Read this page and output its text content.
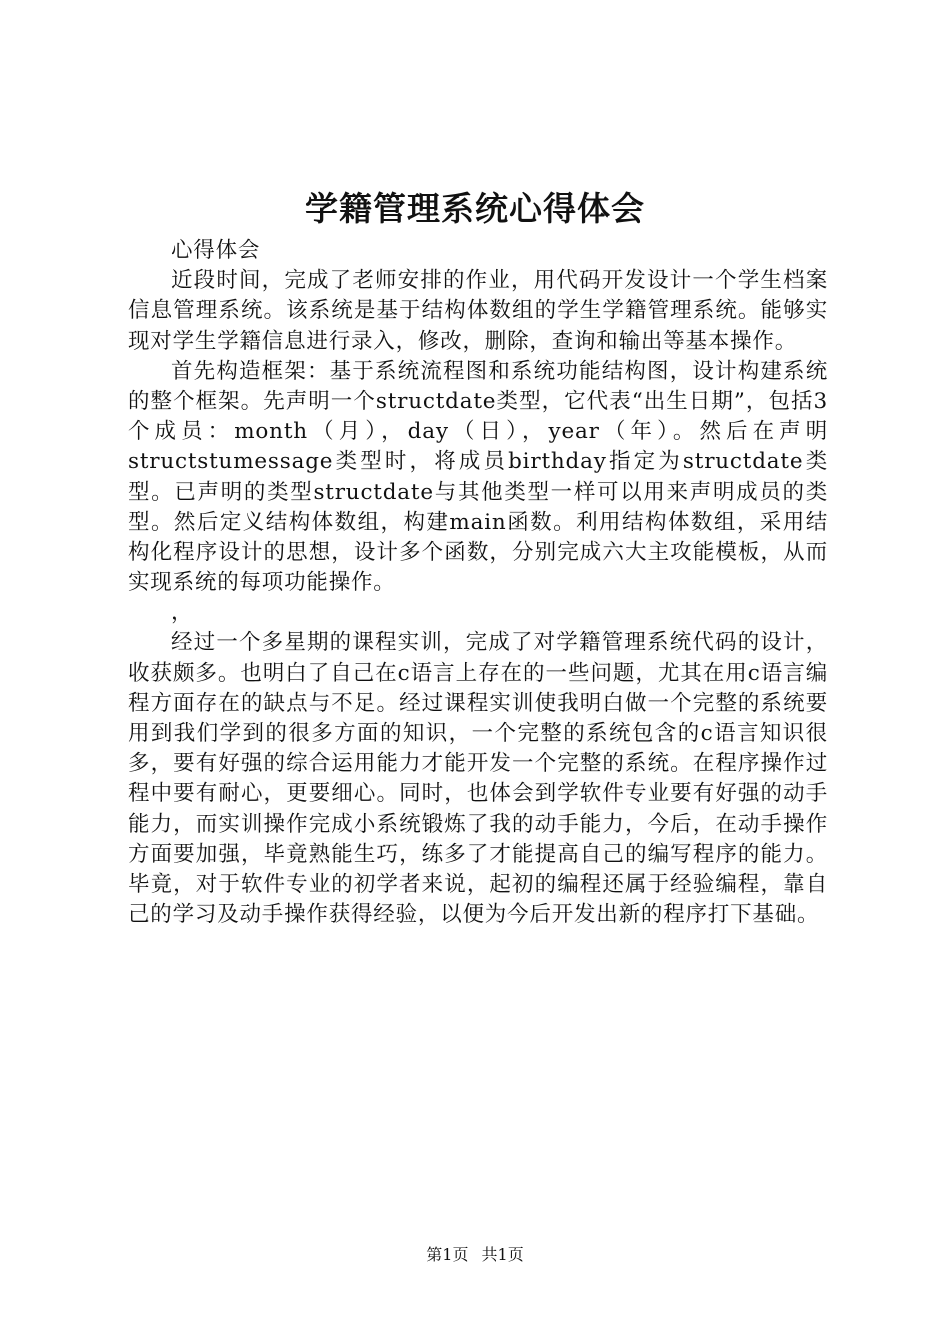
学籍管理系统心得体会

心得体会

近段时间，完成了老师安排的作业，用代码开发设计一个学生档案信息管理系统。该系统是基于结构体数组的学生学籍管理系统。能够实现对学生学籍信息进行录入，修改，删除，查询和输出等基本操作。

首先构造框架：基于系统流程图和系统功能结构图，设计构建系统的整个框架。先声明一个structdate类型，它代表“出生日期”，包括3个成员：month（月），day（日），year（年）。然后在声明structstumessage类型时，将成员birthday指定为structdate类型。已声明的类型structdate与其他类型一样可以用来声明成员的类型。然后定义结构体数组，构建main函数。利用结构体数组，采用结构化程序设计的思想，设计多个函数，分别完成六大主攻能模板，从而实现系统的每项功能操作。

，

经过一个多星期的课程实训，完成了对学籍管理系统代码的设计，收获颇多。也明白了自己在c语言上存在的一些问题，尤其在用c语言编程方面存在的缺点与不足。经过课程实训使我明白做一个完整的系统要用到我们学到的很多方面的知识，一个完整的系统包含的c语言知识很多，要有好强的综合运用能力才能开发一个完整的系统。在程序操作过程中要有耐心，更要细心。同时，也体会到学软件专业要有好强的动手能力，而实训操作完成小系统锻炼了我的动手能力，今后，在动手操作方面要加强，毕竟熟能生巧，练多了才能提高自己的编写程序的能力。毕竟，对于软件专业的初学者来说，起初的编程还属于经验编程，靠自己的学习及动手操作获得经验，以便为今后开发出新的程序打下基础。

第1页 共1页
